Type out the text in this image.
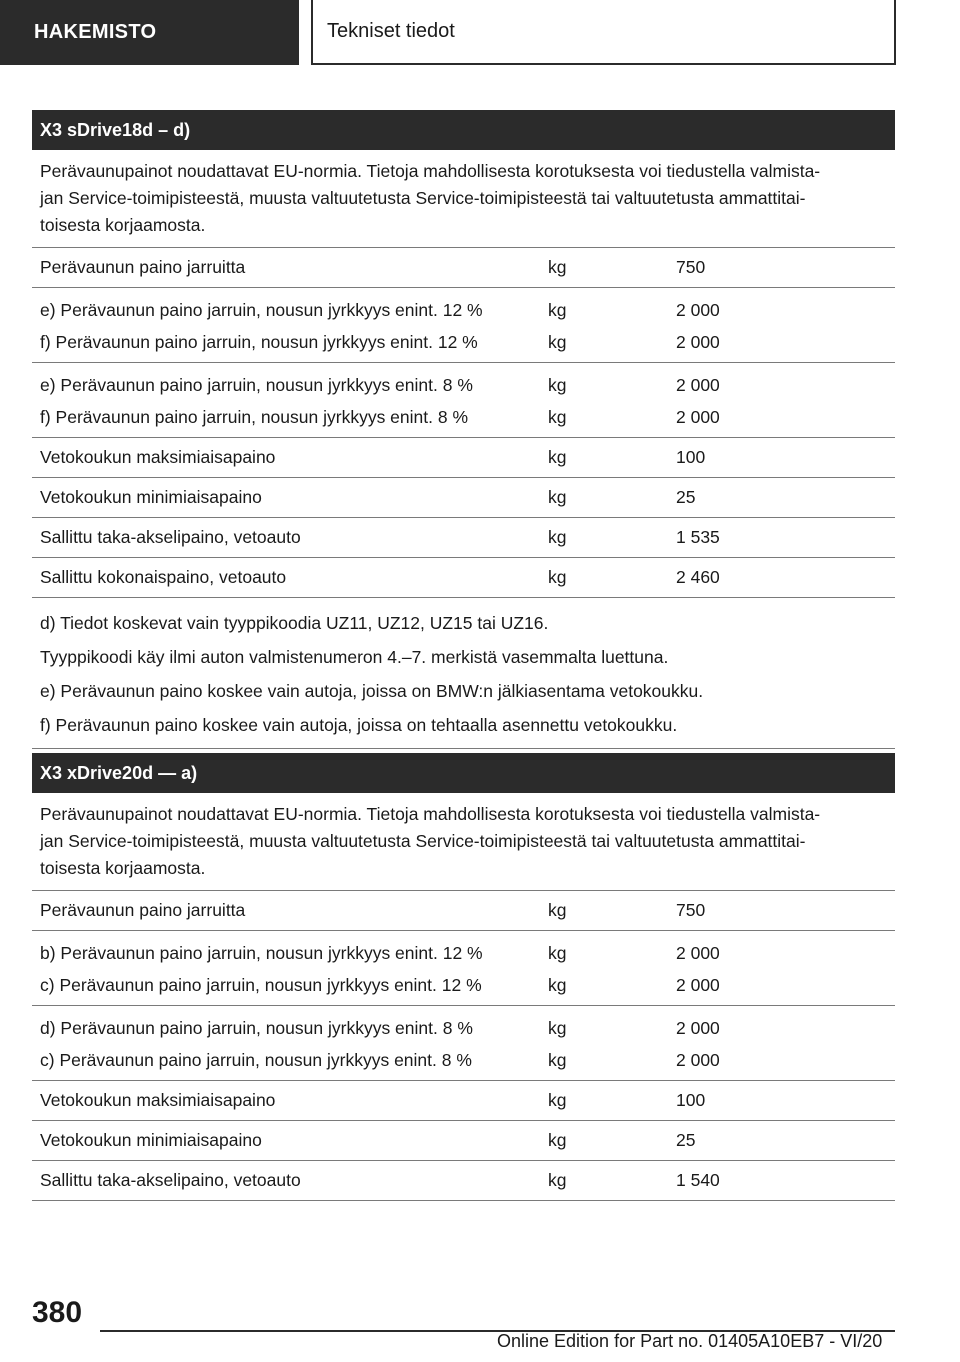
HAKEMISTO	Tekniset tiedot
X3 sDrive18d – d)
Perävaunupainot noudattavat EU-normia. Tietoja mahdollisesta korotuksesta voi tiedustella valmista-
jan Service-toimipisteestä, muusta valtuutetusta Service-toimipisteestä tai valtuutetusta ammattitai-
toisesta korjaamosta.
Perävaunun paino jarruitta	kg	750
e) Perävaunun paino jarruin, nousun jyrkkyys enint. 12 %	kg	2 000
f) Perävaunun paino jarruin, nousun jyrkkyys enint. 12 %	kg	2 000
e) Perävaunun paino jarruin, nousun jyrkkyys enint. 8 %	kg	2 000
f) Perävaunun paino jarruin, nousun jyrkkyys enint. 8 %	kg	2 000
Vetokoukun maksimiaisapaino	kg	100
Vetokoukun minimiaisapaino	kg	25
Sallittu taka-akselipaino, vetoauto	kg	1 535
Sallittu kokonaispaino, vetoauto	kg	2 460
d) Tiedot koskevat vain tyyppikoodia UZ11, UZ12, UZ15 tai UZ16.
Tyyppikoodi käy ilmi auton valmistenumeron 4.–7. merkistä vasemmalta luettuna.
e) Perävaunun paino koskee vain autoja, joissa on BMW:n jälkiasentama vetokoukku.
f) Perävaunun paino koskee vain autoja, joissa on tehtaalla asennettu vetokoukku.
X3 xDrive20d — a)
Perävaunupainot noudattavat EU-normia. Tietoja mahdollisesta korotuksesta voi tiedustella valmista-
jan Service-toimipisteestä, muusta valtuutetusta Service-toimipisteestä tai valtuutetusta ammattitai-
toisesta korjaamosta.
Perävaunun paino jarruitta	kg	750
b) Perävaunun paino jarruin, nousun jyrkkyys enint. 12 %	kg	2 000
c) Perävaunun paino jarruin, nousun jyrkkyys enint. 12 %	kg	2 000
d) Perävaunun paino jarruin, nousun jyrkkyys enint. 8 %	kg	2 000
c) Perävaunun paino jarruin, nousun jyrkkyys enint. 8 %	kg	2 000
Vetokoukun maksimiaisapaino	kg	100
Vetokoukun minimiaisapaino	kg	25
Sallittu taka-akselipaino, vetoauto	kg	1 540
380
Online Edition for Part no. 01405A10EB7 - VI/20
